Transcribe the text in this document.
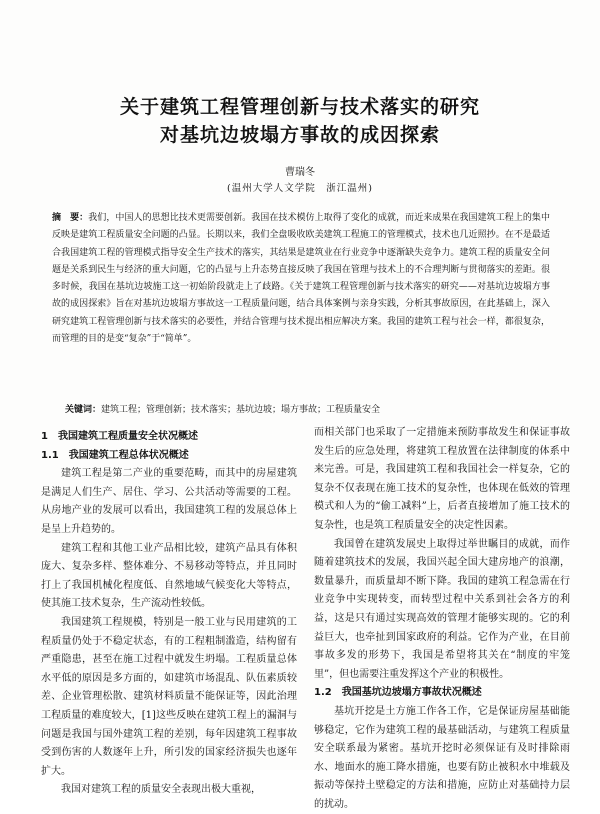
关于建筑工程管理创新与技术落实的研究
对基坑边坡塌方事故的成因探索
曹瑞冬
(温州大学人文学院　浙江温州)

摘　要：我们，中国人的思想比技术更需要创新。我国在技术模仿上取得了变化的成就，而近来成果在我国建筑工程上的集中反映是建筑工程质量安全问题的凸显。长期以来，我们全盘吸收欧美建筑工程施工的管理模式，技术也几近照抄。在不是最适合我国建筑工程的管理模式指导安全生产技术的落实，其结果是建筑业在行业竞争中逐渐缺失竞争力。建筑工程的质量安全问题是关系到民生与经济的重大问题，它的凸显与上升态势直接反映了我国在管理与技术上的不合理判断与贯彻落实的差距。很多时候，我国在基坑边坡施工这一初始阶段就走上了歧路。《关于建筑工程管理创新与技术落实的研究——对基坑边坡塌方事故的成因探索》旨在对基坑边坡塌方事故这一工程质量问题，结合具体案例与亲身实践，分析其事故原因，在此基础上，深入研究建筑工程管理创新与技术落实的必要性，并结合管理与技术提出相应解决方案。我国的建筑工程与社会一样，都很复杂，而管理的目的是变“复杂”于“简单”。

关键词：建筑工程；管理创新；技术落实；基坑边坡；塌方事故；工程质量安全
1　我国建筑工程质量安全状况概述
1.1　我国建筑工程总体状况概述

建筑工程是第二产业的重要范畴，而其中的房屋建筑是满足人们生产、居住、学习、公共活动等需要的工程。从房地产业的发展可以看出，我国建筑工程的发展总体上是呈上升趋势的。

建筑工程和其他工业产品相比较，建筑产品具有体积庞大、复杂多样、整体难分、不易移动等特点，并且同时打上了我国机械化程度低、自然地域气候变化大等特点，使其施工技术复杂，生产流动性较低。

我国建筑工程规模，特别是一般工业与民用建筑的工程质量仍处于不稳定状态，有的工程粗制滥造，结构留有严重隐患，甚至在施工过程中就发生坍塌。工程质量总体水平低的原因是多方面的，如建筑市场混乱、队伍素质较差、企业管理松散、建筑材料质量不能保证等，因此治理工程质量的难度较大，[1]这些反映在建筑工程上的漏洞与问题是我国与国外建筑工程的差别，每年因建筑工程事故受到伤害的人数逐年上升，所引发的国家经济损失也逐年扩大。

我国对建筑工程的质量安全表现出极大重视，

而相关部门也采取了一定措施来预防事故发生和保证事故发生后的应急处理，将建筑工程放置在法律制度的体系中来完善。可是，我国建筑工程和我国社会一样复杂，它的复杂不仅表现在施工技术的复杂性，也体现在低效的管理模式和人为的“偷工减料”上，后者直接增加了施工技术的复杂性，也是筑工程质量安全的决定性因素。

我国曾在建筑发展史上取得过举世瞩目的成就，而作随着建筑技术的发展，我国兴起全国大建房地产的浪潮，数量暴升，而质量却不断下降。我国的建筑工程急需在行业竞争中实现转变，而转型过程中关系到社会各方的利益，这是只有通过实现高效的管理才能够实现的。它的利益巨大，也牵扯到国家政府的利益。它作为产业，在目前事故多发的形势下，我国是希望将其关在“制度的牢笼里”，但也需要注重发挥这个产业的积极性。

1.2　我国基坑边坡塌方事故状况概述

基坑开挖是土方施工作各工作，它是保证房屋基础能够稳定，它作为建筑工程的最基础活动，与建筑工程质量安全联系最为紧密。基坑开挖时必须保证有及时排除雨水、地面水的施工降水措施，也要有防止被积水中堆载及振动等保持土壁稳定的方法和措施，应防止对基础持力层的扰动。
